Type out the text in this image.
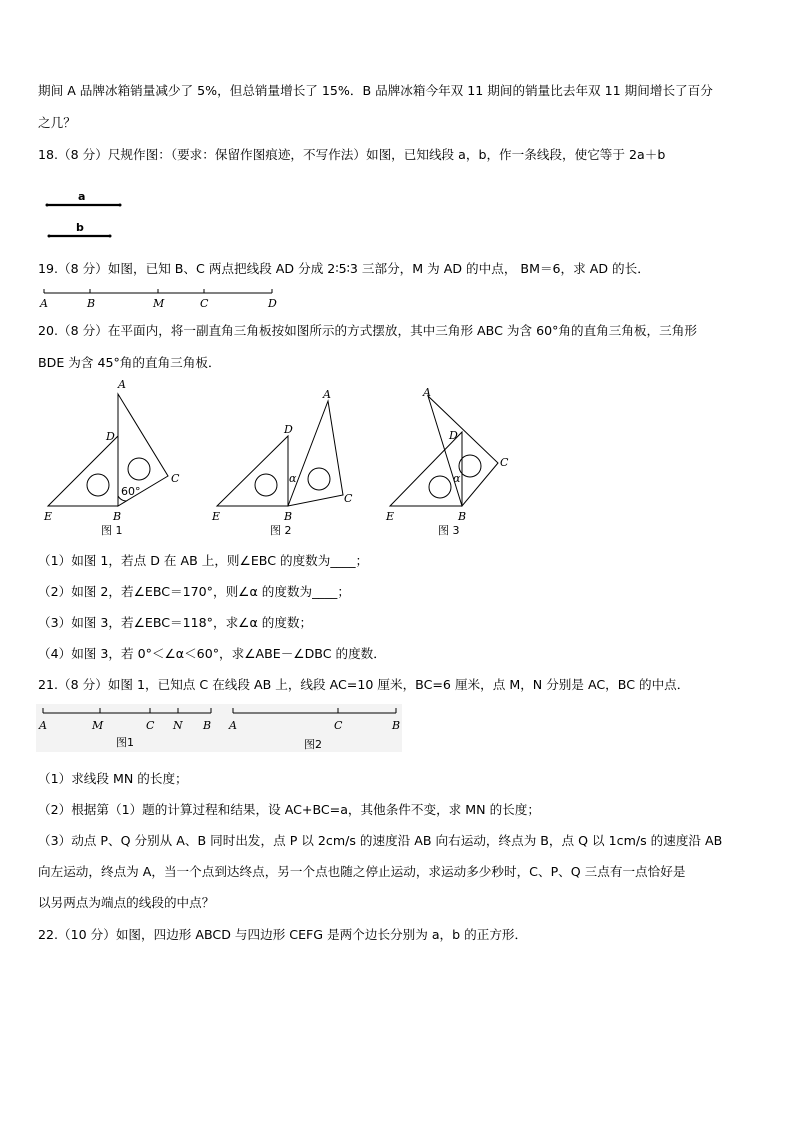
期间 A 品牌冰箱销量减少了 5%，但总销量增长了 15%．B 品牌冰箱今年双 11 期间的销量比去年双 11 期间增长了百分
之几？
18.（8 分）尺规作图：（要求：保留作图痕迹，不写作法）如图，已知线段 a，b，作一条线段，使它等于 2a＋b
a
b
19.（8 分）如图，已知 B、C 两点把线段 AD 分成 2∶5∶3 三部分，M 为 AD 的中点， BM＝6，求 AD 的长．
A	B	M	C	D
20.（8 分）在平面内，将一副直角三角板按如图所示的方式摆放，其中三角形 ABC 为含 60°角的直角三角板，三角形
BDE 为含 45°角的直角三角板．
A
D
C
E	B
60°
图 1
A
D
C
E	B
α
图 2
A
D
C
E	B
α
图 3
（1）如图 1，若点 D 在 AB 上，则∠EBC 的度数为____；
（2）如图 2，若∠EBC＝170°，则∠α 的度数为____；
（3）如图 3，若∠EBC＝118°，求∠α 的度数；
（4）如图 3，若 0°＜∠α＜60°，求∠ABE－∠DBC 的度数．
21.（8 分）如图 1，已知点 C 在线段 AB 上，线段 AC=10 厘米，BC=6 厘米，点 M，N 分别是 AC，BC 的中点．
A	M	C N B
图1
A	C	B
图2
（1）求线段 MN 的长度；
（2）根据第（1）题的计算过程和结果，设 AC+BC=a，其他条件不变，求 MN 的长度；
（3）动点 P、Q 分别从 A、B 同时出发，点 P 以 2cm/s 的速度沿 AB 向右运动，终点为 B，点 Q 以 1cm/s 的速度沿 AB
向左运动，终点为 A，当一个点到达终点，另一个点也随之停止运动，求运动多少秒时，C、P、Q 三点有一点恰好是
以另两点为端点的线段的中点？
22.（10 分）如图，四边形 ABCD 与四边形 CEFG 是两个边长分别为 a，b 的正方形．
